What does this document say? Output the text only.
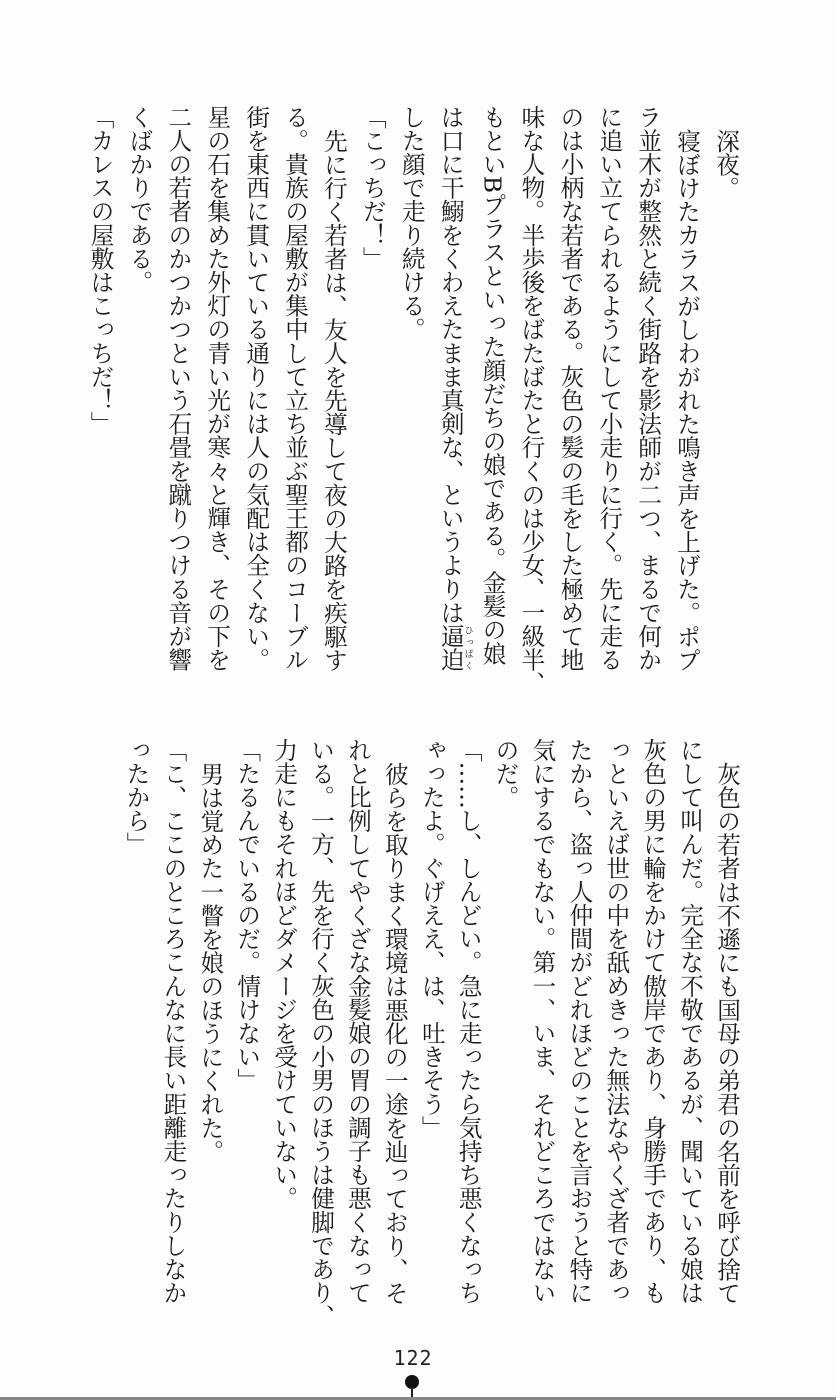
深夜。
寝ぼけたカラスがしわがれた鳴き声を上げた。ポプ
ラ並木が整然と続く街路を影法師が二つ、まるで何か
に追い立てられるようにして小走りに行く。先に走る
のは小柄な若者である。灰色の髪の毛をした極めて地
味な人物。半歩後をばたばたと行くのは少女、一級半、
もといBプラスといった顔だちの娘である。金髪の娘
は口に干鰯をくわえたまま真剣な、というよりは逼迫ひっぱく
した顔で走り続ける。
「こっちだ！」
先に行く若者は、友人を先導して夜の大路を疾駆す
る。貴族の屋敷が集中して立ち並ぶ聖王都のコーブル
街を東西に貫いている通りには人の気配は全くない。
星の石を集めた外灯の青い光が寒々と輝き、その下を
二人の若者のかつかつという石畳を蹴りつける音が響
くばかりである。
「カレスの屋敷はこっちだ！」
灰色の若者は不遜にも国母の弟君の名前を呼び捨て
にして叫んだ。完全な不敬であるが、聞いている娘は
灰色の男に輪をかけて傲岸であり、身勝手であり、も
っといえば世の中を舐めきった無法なやくざ者であっ
たから、盗っ人仲間がどれほどのことを言おうと特に
気にするでもない。第一、いま、それどころではない
のだ。
「……し、しんどい。急に走ったら気持ち悪くなっち
ゃったよ。ぐげええ、は、吐きそう」
彼らを取りまく環境は悪化の一途を辿っており、そ
れと比例してやくざな金髪娘の胃の調子も悪くなって
いる。一方、先を行く灰色の小男のほうは健脚であり、
力走にもそれほどダメージを受けていない。
「たるんでいるのだ。情けない」
男は覚めた一瞥を娘のほうにくれた。
「こ、ここのところこんなに長い距離走ったりしなか
ったから」
122
